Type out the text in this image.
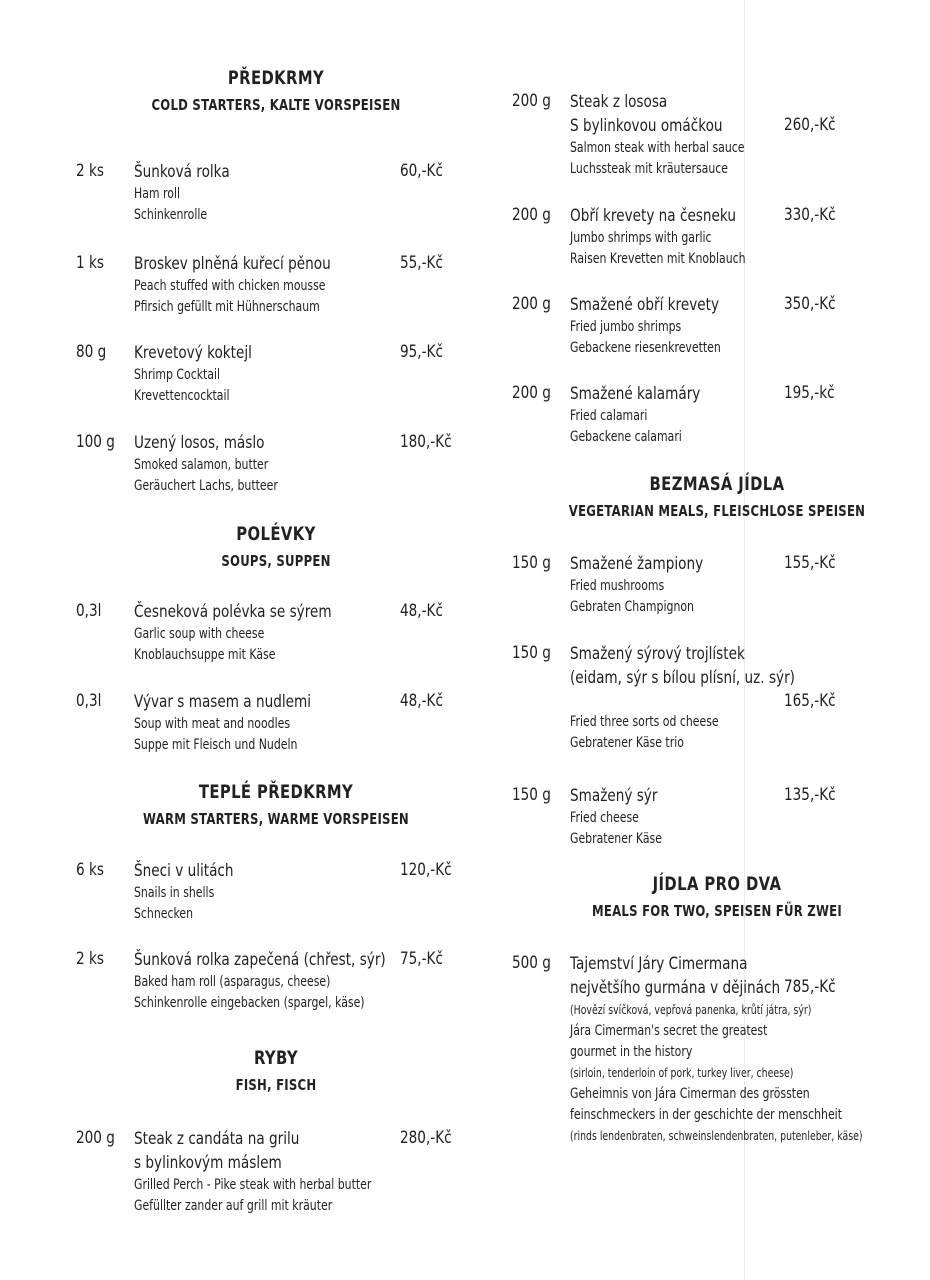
PŘEDKRMY
COLD STARTERS, KALTE VORSPEISEN
2 ks Šunková rolka
Ham roll
Schinkenrolle
60,-Kč
1 ks Broskev plněná kuřecí pěnou
Peach stuffed with chicken mousse
Pfirsich gefüllt mit Hühnerschaum
55,-Kč
80 g Krevetový koktejl
Shrimp Cocktail
Krevettencocktail
95,-Kč
100 g Uzený losos, máslo
Smoked salamon, butter
Geräuchert Lachs, butteer
180,-Kč
POLÉVKY
SOUPS, SUPPEN
0,3l Česneková polévka se sýrem
Garlic soup with cheese
Knoblauchsuppe mit Käse
48,-Kč
0,3l Vývar s masem a nudlemi
Soup with meat and noodles
Suppe mit Fleisch und Nudeln
48,-Kč
TEPLÉ PŘEDKRMY
WARM STARTERS, WARME VORSPEISEN
6 ks Šneci v ulitách
Snails in shells
Schnecken
120,-Kč
2 ks Šunková rolka zapečená (chřest, sýr)
Baked ham roll (asparagus, cheese)
Schinkenrolle eingebacken (spargel, käse)
75,-Kč
RYBY
FISH, FISCH
200 g Steak z candáta na grilu
s bylinkovým máslem
Grilled Perch - Pike steak with herbal butter
Gefüllter zander auf grill mit kräuter
280,-Kč
200 g Steak z lososa
S bylinkovou omáčkou
Salmon steak with herbal sauce
Luchssteak mit kräutersauce
260,-Kč
200 g Obří krevety na česneku
Jumbo shrimps with garlic
Raisen Krevetten mit Knoblauch
330,-Kč
200 g Smažené obří krevety
Fried jumbo shrimps
Gebackene riesenkrevetten
350,-Kč
200 g Smažené kalamáry
Fried calamari
Gebackene calamari
195,-kč
BEZMASÁ JÍDLA
VEGETARIAN MEALS, FLEISCHLOSE SPEISEN
150 g Smažené žampiony
Fried mushrooms
Gebraten Champignon
155,-Kč
150 g Smažený sýrový trojlístek
(eidam, sýr s bílou plísní, uz. sýr)
Fried three sorts od cheese
Gebratener Käse trio
165,-Kč
150 g Smažený sýr
Fried cheese
Gebratener Käse
135,-Kč
JÍDLA PRO DVA
MEALS FOR TWO, SPEISEN FÜR ZWEI
500 g Tajemství Járy Cimermana
největšího gurmána v dějinách
(Hovězí svíčková, vepřová panenka, krůtí játra, sýr)
Jára Cimerman's secret the greatest
gourmet in the history
(sirloin, tenderloin of pork, turkey liver, cheese)
Geheimnis von Jára Cimerman des grössten
feinschmeckers in der geschichte der menschheit
(rinds lendenbraten, schweinslendenbraten, putenleber, käse)
785,-Kč
